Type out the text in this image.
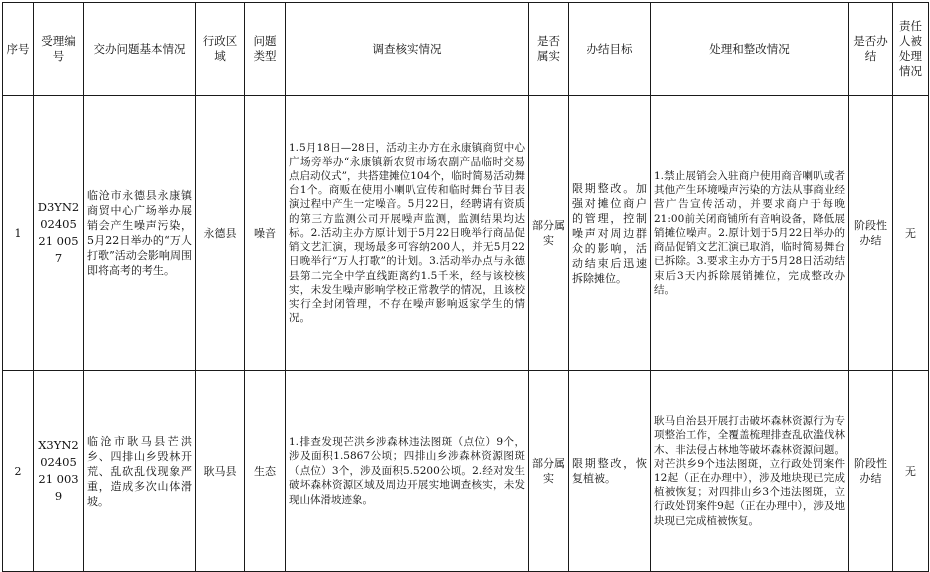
序号	受理编号	交办问题基本情况	行政区域	问题类型	调查核实情况	是否属实	办结目标	处理和整改情况	是否办结	责任人被处理情况
1	D3YN20240521 0057	临沧市永德县永康镇商贸中心广场举办展销会产生噪声污染，5月22日举办的“万人打歌”活动会影响周围即将高考的考生。	永德县	噪音	1.5月18日—28日，活动主办方在永康镇商贸中心广场旁举办“永康镇新农贸市场农副产品临时交易点启动仪式”，共搭建摊位104个，临时简易活动舞台1个。商贩在使用小喇叭宣传和临时舞台节目表演过程中产生一定噪音。5月22日，经聘请有资质的第三方监测公司开展噪声监测，监测结果均达标。2.活动主办方原计划于5月22日晚举行商品促销文艺汇演，现场最多可容纳200人，并无5月22日晚举行“万人打歌”的计划。3.活动举办点与永德县第二完全中学直线距离约1.5千米，经与该校核实，未发生噪声影响学校正常教学的情况，且该校实行全封闭管理，不存在噪声影响返家学生的情况。	部分属实	限期整改。加强对摊位商户的管理，控制噪声对周边群众的影响，活动结束后迅速拆除摊位。	1.禁止展销会入驻商户使用商音喇叭或者其他产生环境噪声污染的方法从事商业经营广告宣传活动，并要求商户于每晚21:00前关闭商铺所有音响设备，降低展销摊位噪声。2.原计划于5月22日举办的商品促销文艺汇演已取消，临时简易舞台已拆除。3.要求主办方于5月28日活动结束后3天内拆除展销摊位，完成整改办结。	阶段性办结	无
2	X3YN20240521 0039	临沧市耿马县芒洪乡、四排山乡毁林开荒、乱砍乱伐现象严重，造成多次山体滑坡。	耿马县	生态	1.排查发现芒洪乡涉森林违法图斑（点位）9个，涉及面积1.5867公顷；四排山乡涉森林资源图斑（点位）3个，涉及面积5.5200公顷。2.经对发生破坏森林资源区域及周边开展实地调查核实，未发现山体滑坡迹象。	部分属实	限期整改，恢复植被。	耿马自治县开展打击破坏森林资源行为专项整治工作，全覆盖梳理排查乱砍滥伐林木、非法侵占林地等破坏森林资源问题。对芒洪乡9个违法图斑，立行政处罚案件12起（正在办理中），涉及地块现已完成植被恢复；对四排山乡3个违法图斑，立行政处罚案件9起（正在办理中），涉及地块现已完成植被恢复。	阶段性办结	无
